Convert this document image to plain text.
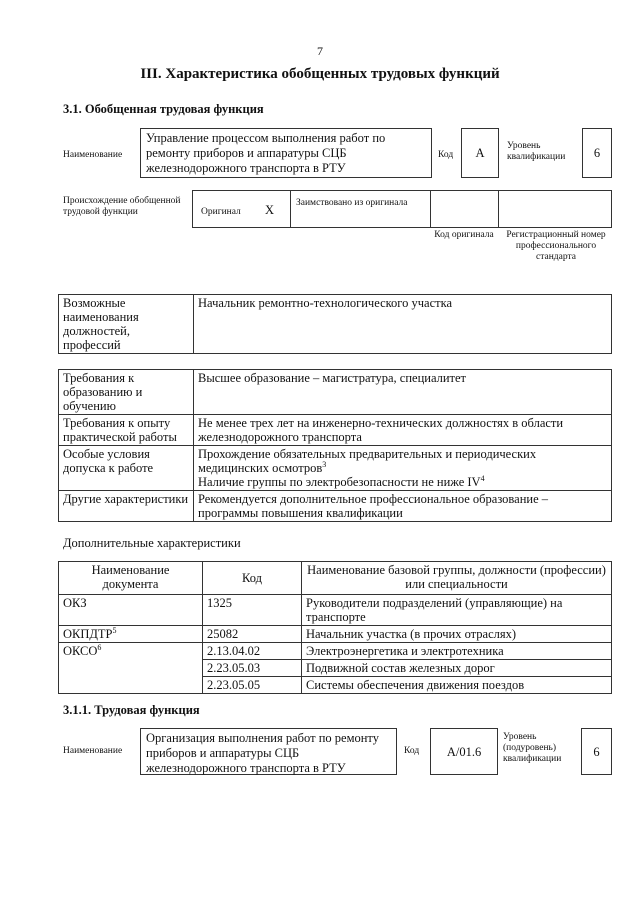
7
III. Характеристика обобщенных трудовых функций
3.1. Обобщенная трудовая функция
Наименование
Управление процессом выполнения работ по ремонту приборов и аппаратуры СЦБ железнодорожного транспорта в РТУ
Код	А	Уровень квалификации	6
Происхождение обобщенной трудовой функции	Оригинал X Заимствовано из оригинала
Код оригинала	Регистрационный номер профессионального стандарта
Возможные наименования должностей, профессий	Начальник ремонтно-технологического участка
Требования к образованию и обучению	Высшее образование – магистратура, специалитет
Требования к опыту практической работы	Не менее трех лет на инженерно-технических должностях в области железнодорожного транспорта
Особые условия допуска к работе	Прохождение обязательных предварительных и периодических медицинских осмотров$^3$
Наличие группы по электробезопасности не ниже $IV^4$
Другие характеристики	Рекомендуется дополнительное профессиональное образование – программы повышения квалификации
Дополнительные характеристики
Наименование документа	Код	Наименование базовой группы, должности (профессии) или специальности
ОКЗ	1325	Руководители подразделений (управляющие) на транспорте
ОКПДТР$^5$	25082	Начальник участка (в прочих отраслях)
ОКСО$^6$	2.13.04.02	Электроэнергетика и электротехника
	2.23.05.03	Подвижной состав железных дорог
	2.23.05.05	Системы обеспечения движения поездов
3.1.1. Трудовая функция
Наименование
Организация выполнения работ по ремонту приборов и аппаратуры СЦБ железнодорожного транспорта в РТУ
Код	A/01.6
Уровень (подуровень) квалификации	6
